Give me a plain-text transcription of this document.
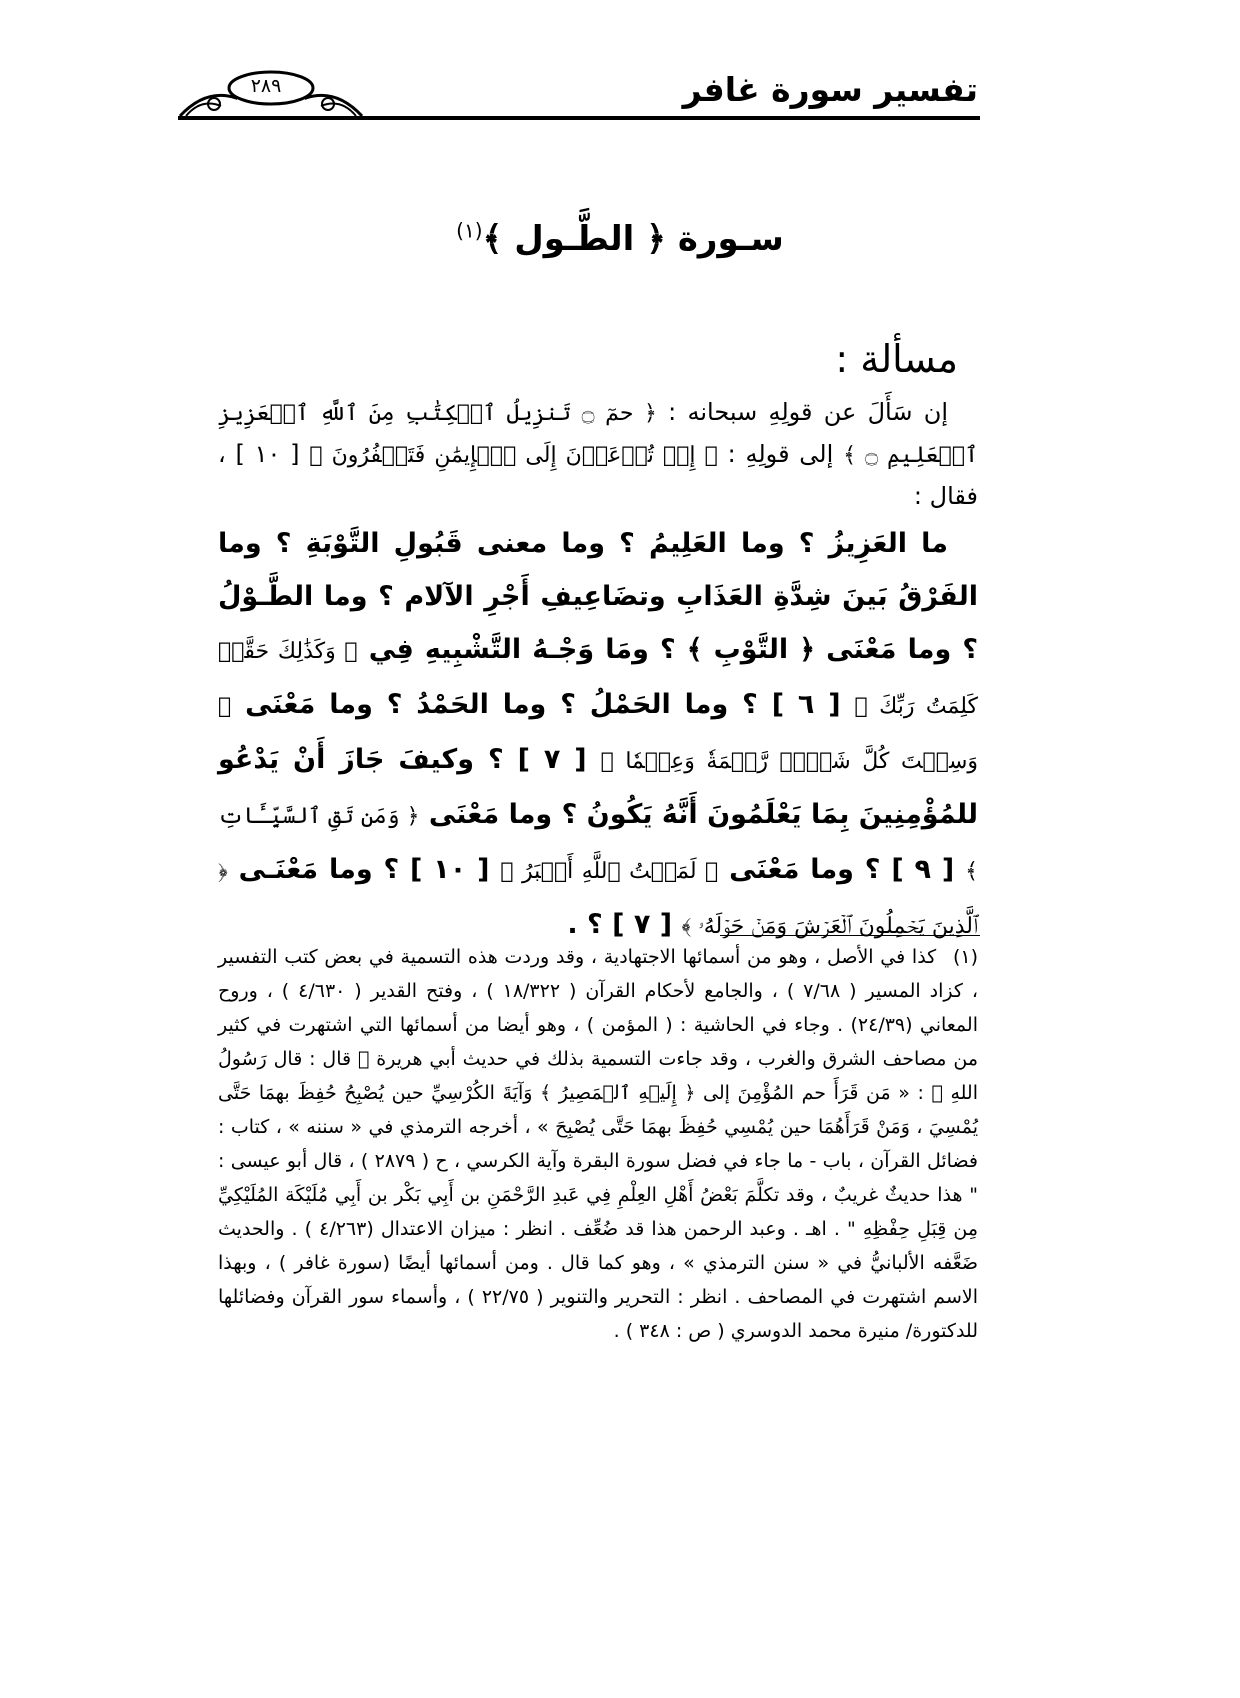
تفسير سورة غافر
٢٨٩
سـورة ﴿ الطَّـول ﴾$^{(١)}$
مسألة :

إن سَأَلَ عن قولِهِ سبحانه : ﴿ حمٓ ۝ تَنزِيلُ ٱلۡكِتَٰبِ مِنَ ٱللَّهِ ٱلۡعَزِيزِ ٱلۡعَلِيمِ ۝ ﴾ إلى قولِهِ : ﴿ إِذۡ تُدۡعَوۡنَ إِلَى ٱلۡإِيمَٰنِ فَتَكۡفُرُونَ ﴾ [ ١٠ ] ، فقال :

ما العَزِيزُ ؟ وما العَلِيمُ ؟ وما معنى قَبُولِ التَّوْبَةِ ؟ وما الفَرْقُ بَينَ شِدَّةِ العَذَابِ وتضَاعِيفِ أَجْرِ الآلام ؟ وما الطَّـوْلُ ؟ وما مَعْنَى ﴿ التَّوْبِ ﴾ ؟ ومَا وَجْـهُ التَّشْبِيهِ فِي ﴿ وَكَذَٰلِكَ حَقَّتۡ كَلِمَتُ رَبِّكَ ﴾ [ ٦ ] ؟ وما الحَمْلُ ؟ وما الحَمْدُ ؟ وما مَعْنَى ﴿ وَسِعۡتَ كُلَّ شَيۡءٖ رَّحۡمَةٗ وَعِلۡمٗا ﴾ [ ٧ ] ؟ وكيفَ جَازَ أَنْ يَدْعُو للمُؤْمِنِينَ بِمَا يَعْلَمُونَ أَنَّهُ يَكُونُ ؟ وما مَعْنَى ﴿ وَمَن تَقِ ٱلسَّيِّـَٔاتِ ﴾ [ ٩ ] ؟ وما مَعْنَى ﴿ لَمَقۡتُ ٱللَّهِ أَكۡبَرُ ﴾ [ ١٠ ] ؟ وما مَعْنَـى ﴿ ٱلَّذِينَ يَحۡمِلُونَ ٱلۡعَرۡشَ وَمَنۡ حَوۡلَهُۥ ﴾ [ ٧ ] ؟ .

(١) كذا في الأصل ، وهو من أسمائها الاجتهادية ، وقد وردت هذه التسمية في بعض كتب التفسير ، كزاد المسير ( ٧/٦٨ ) ، والجامع لأحكام القرآن ( ١٨/٣٢٢ ) ، وفتح القدير ( ٤/٦٣٠ ) ، وروح المعاني (٢٤/٣٩) . وجاء في الحاشية : ( المؤمن ) ، وهو أيضا من أسمائها التي اشتهرت في كثير من مصاحف الشرق والغرب ، وقد جاءت التسمية بذلك في حديث أبي هريرة ﷺ قال : قال رَسُولُ اللهِ ﷺ : « مَن قَرَأَ حم المُؤْمِنَ إلى ﴿ إِلَيۡهِ ٱلۡمَصِيرُ ﴾ وَآيَةَ الكُرْسِيِّ حين يُصْبِحُ حُفِظَ بهمَا حَتَّى يُمْسِيَ ، وَمَنْ قَرَأَهُمَا حين يُمْسِي حُفِظَ بهمَا حَتَّى يُصْبِحَ » ، أخرجه الترمذي في « سننه » ، كتاب : فضائل القرآن ، باب - ما جاء في فضل سورة البقرة وآية الكرسي ، ح ( ٢٨٧٩ ) ، قال أبو عيسى : " هذا حديثٌ غريبٌ ، وقد تكلَّمَ بَعْضُ أَهْلِ العِلْمِ فِي عَبدِ الرَّحْمَنِ بن أَبِي بَكْر بن أَبِي مُلَيْكَة المُلَيْكِيِّ مِن قِبَلِ حِفْظِهِ " . اهـ . وعبد الرحمن هذا قد ضُعِّف . انظر : ميزان الاعتدال (٤/٢٦٣ ) . والحديث ضَعَّفه الألبانيُّ في « سنن الترمذي » ، وهو كما قال . ومن أسمائها أيضًا (سورة غافر ) ، وبهذا الاسم اشتهرت في المصاحف . انظر : التحرير والتنوير ( ٢٢/٧٥ ) ، وأسماء سور القرآن وفضائلها للدكتورة/ منيرة محمد الدوسري ( ص : ٣٤٨ ) .
